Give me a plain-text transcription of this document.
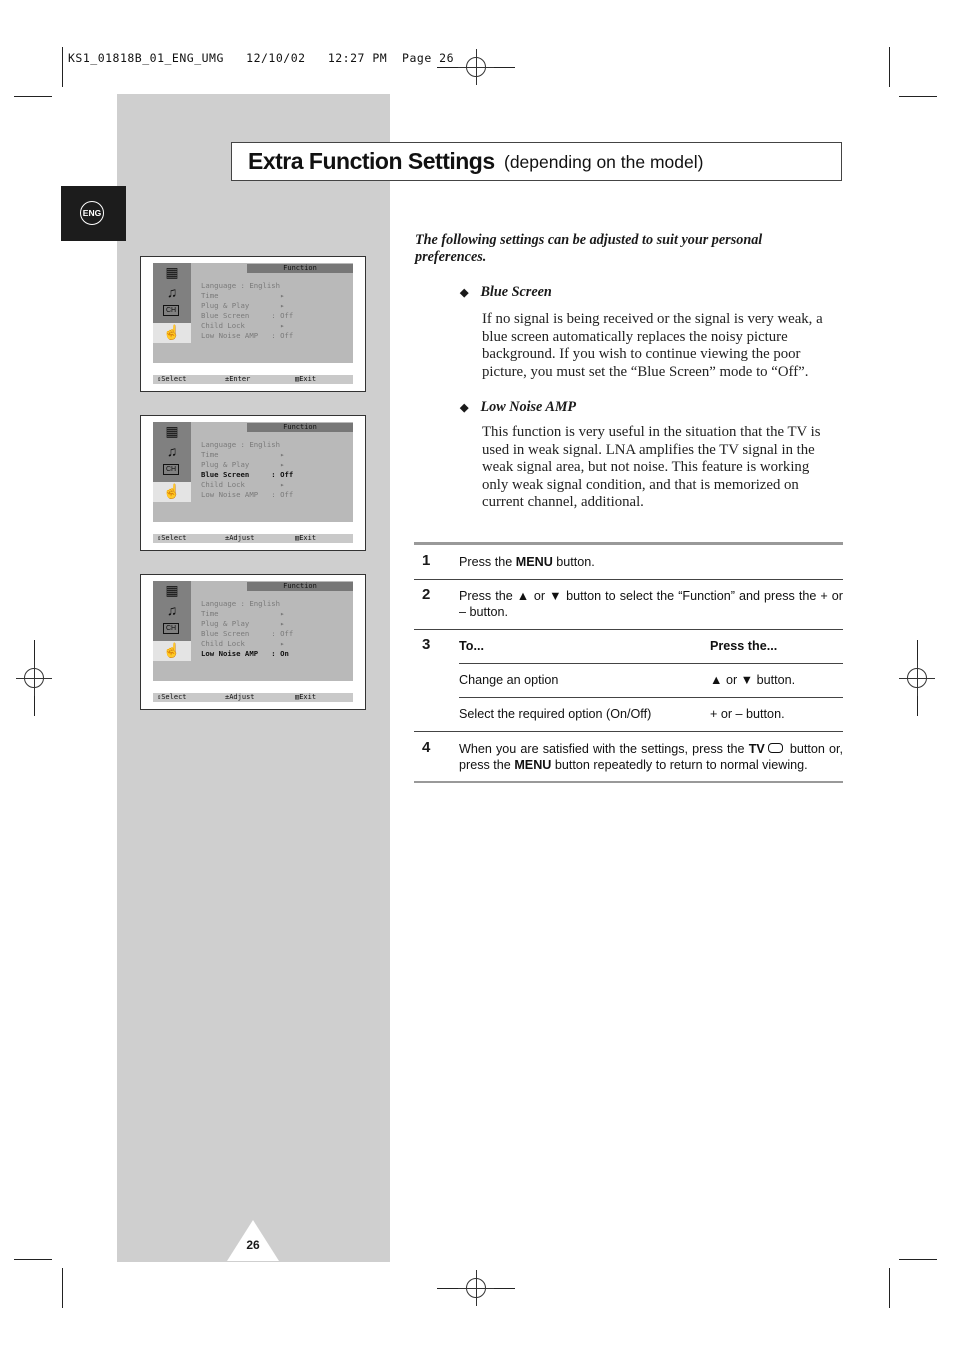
KS1_01818B_01_ENG_UMG   12/10/02   12:27 PM  Page 26
ENG
Extra Function Settings (depending on the model)
▦
♫
CH
☝
Function
Language : English
Time              ▸
Plug & Play       ▸
Blue Screen     : Off
Child Lock        ▸
Low Noise AMP   : Off
⇕Select	±Enter	▥Exit
▦
♫
CH
☝
Function
Language : English
Time              ▸
Plug & Play       ▸
Blue Screen     : Off
Child Lock        ▸
Low Noise AMP   : Off
⇕Select	±Adjust	▥Exit
▦
♫
CH
☝
Function
Language : English
Time              ▸
Plug & Play       ▸
Blue Screen     : Off
Child Lock        ▸
Low Noise AMP   : On
⇕Select	±Adjust	▥Exit
The following settings can be adjusted to suit your personal preferences.
◆ Blue Screen
If no signal is being received or the signal is very weak, a blue screen automatically replaces the noisy picture background. If you wish to continue viewing the poor picture, you must set the “Blue Screen” mode to “Off”.
◆ Low Noise AMP
This function is very useful in the situation that the TV is used in weak signal. LNA amplifies the TV signal in the weak signal area, but not noise. This feature is working only weak signal condition, and that is memorized on current channel, additional.
1 Press the MENU button.
2 Press the ▲ or ▼ button to select the “Function” and press the + or – button.
3 To...	Press the...
Change an option	▲ or ▼ button.
Select the required option (On/Off)	+ or – button.
4 When you are satisfied with the settings, press the TV button or, press the MENU button repeatedly to return to normal viewing.
26
